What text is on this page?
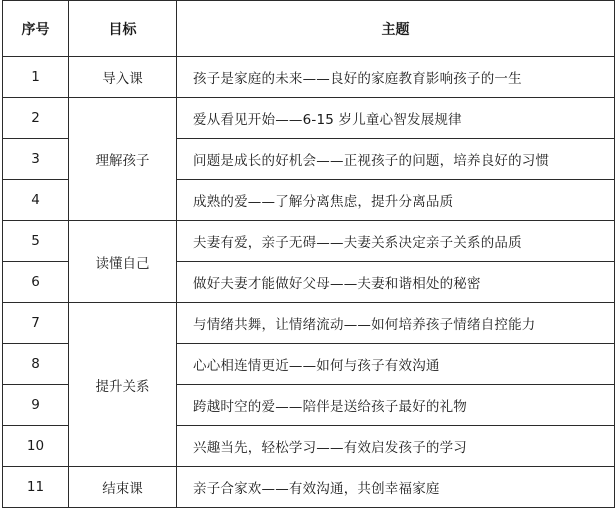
序号	目标	主题
1	导入课	孩子是家庭的未来——良好的家庭教育影响孩子的一生
2	理解孩子	爱从看见开始——6-15 岁儿童心智发展规律
3		问题是成长的好机会——正视孩子的问题，培养良好的习惯
4		成熟的爱——了解分离焦虑，提升分离品质
5	读懂自己	夫妻有爱，亲子无碍——夫妻关系决定亲子关系的品质
6		做好夫妻才能做好父母——夫妻和谐相处的秘密
7	提升关系	与情绪共舞，让情绪流动——如何培养孩子情绪自控能力
8		心心相连情更近——如何与孩子有效沟通
9		跨越时空的爱——陪伴是送给孩子最好的礼物
10		兴趣当先，轻松学习——有效启发孩子的学习
11	结束课	亲子合家欢——有效沟通，共创幸福家庭
